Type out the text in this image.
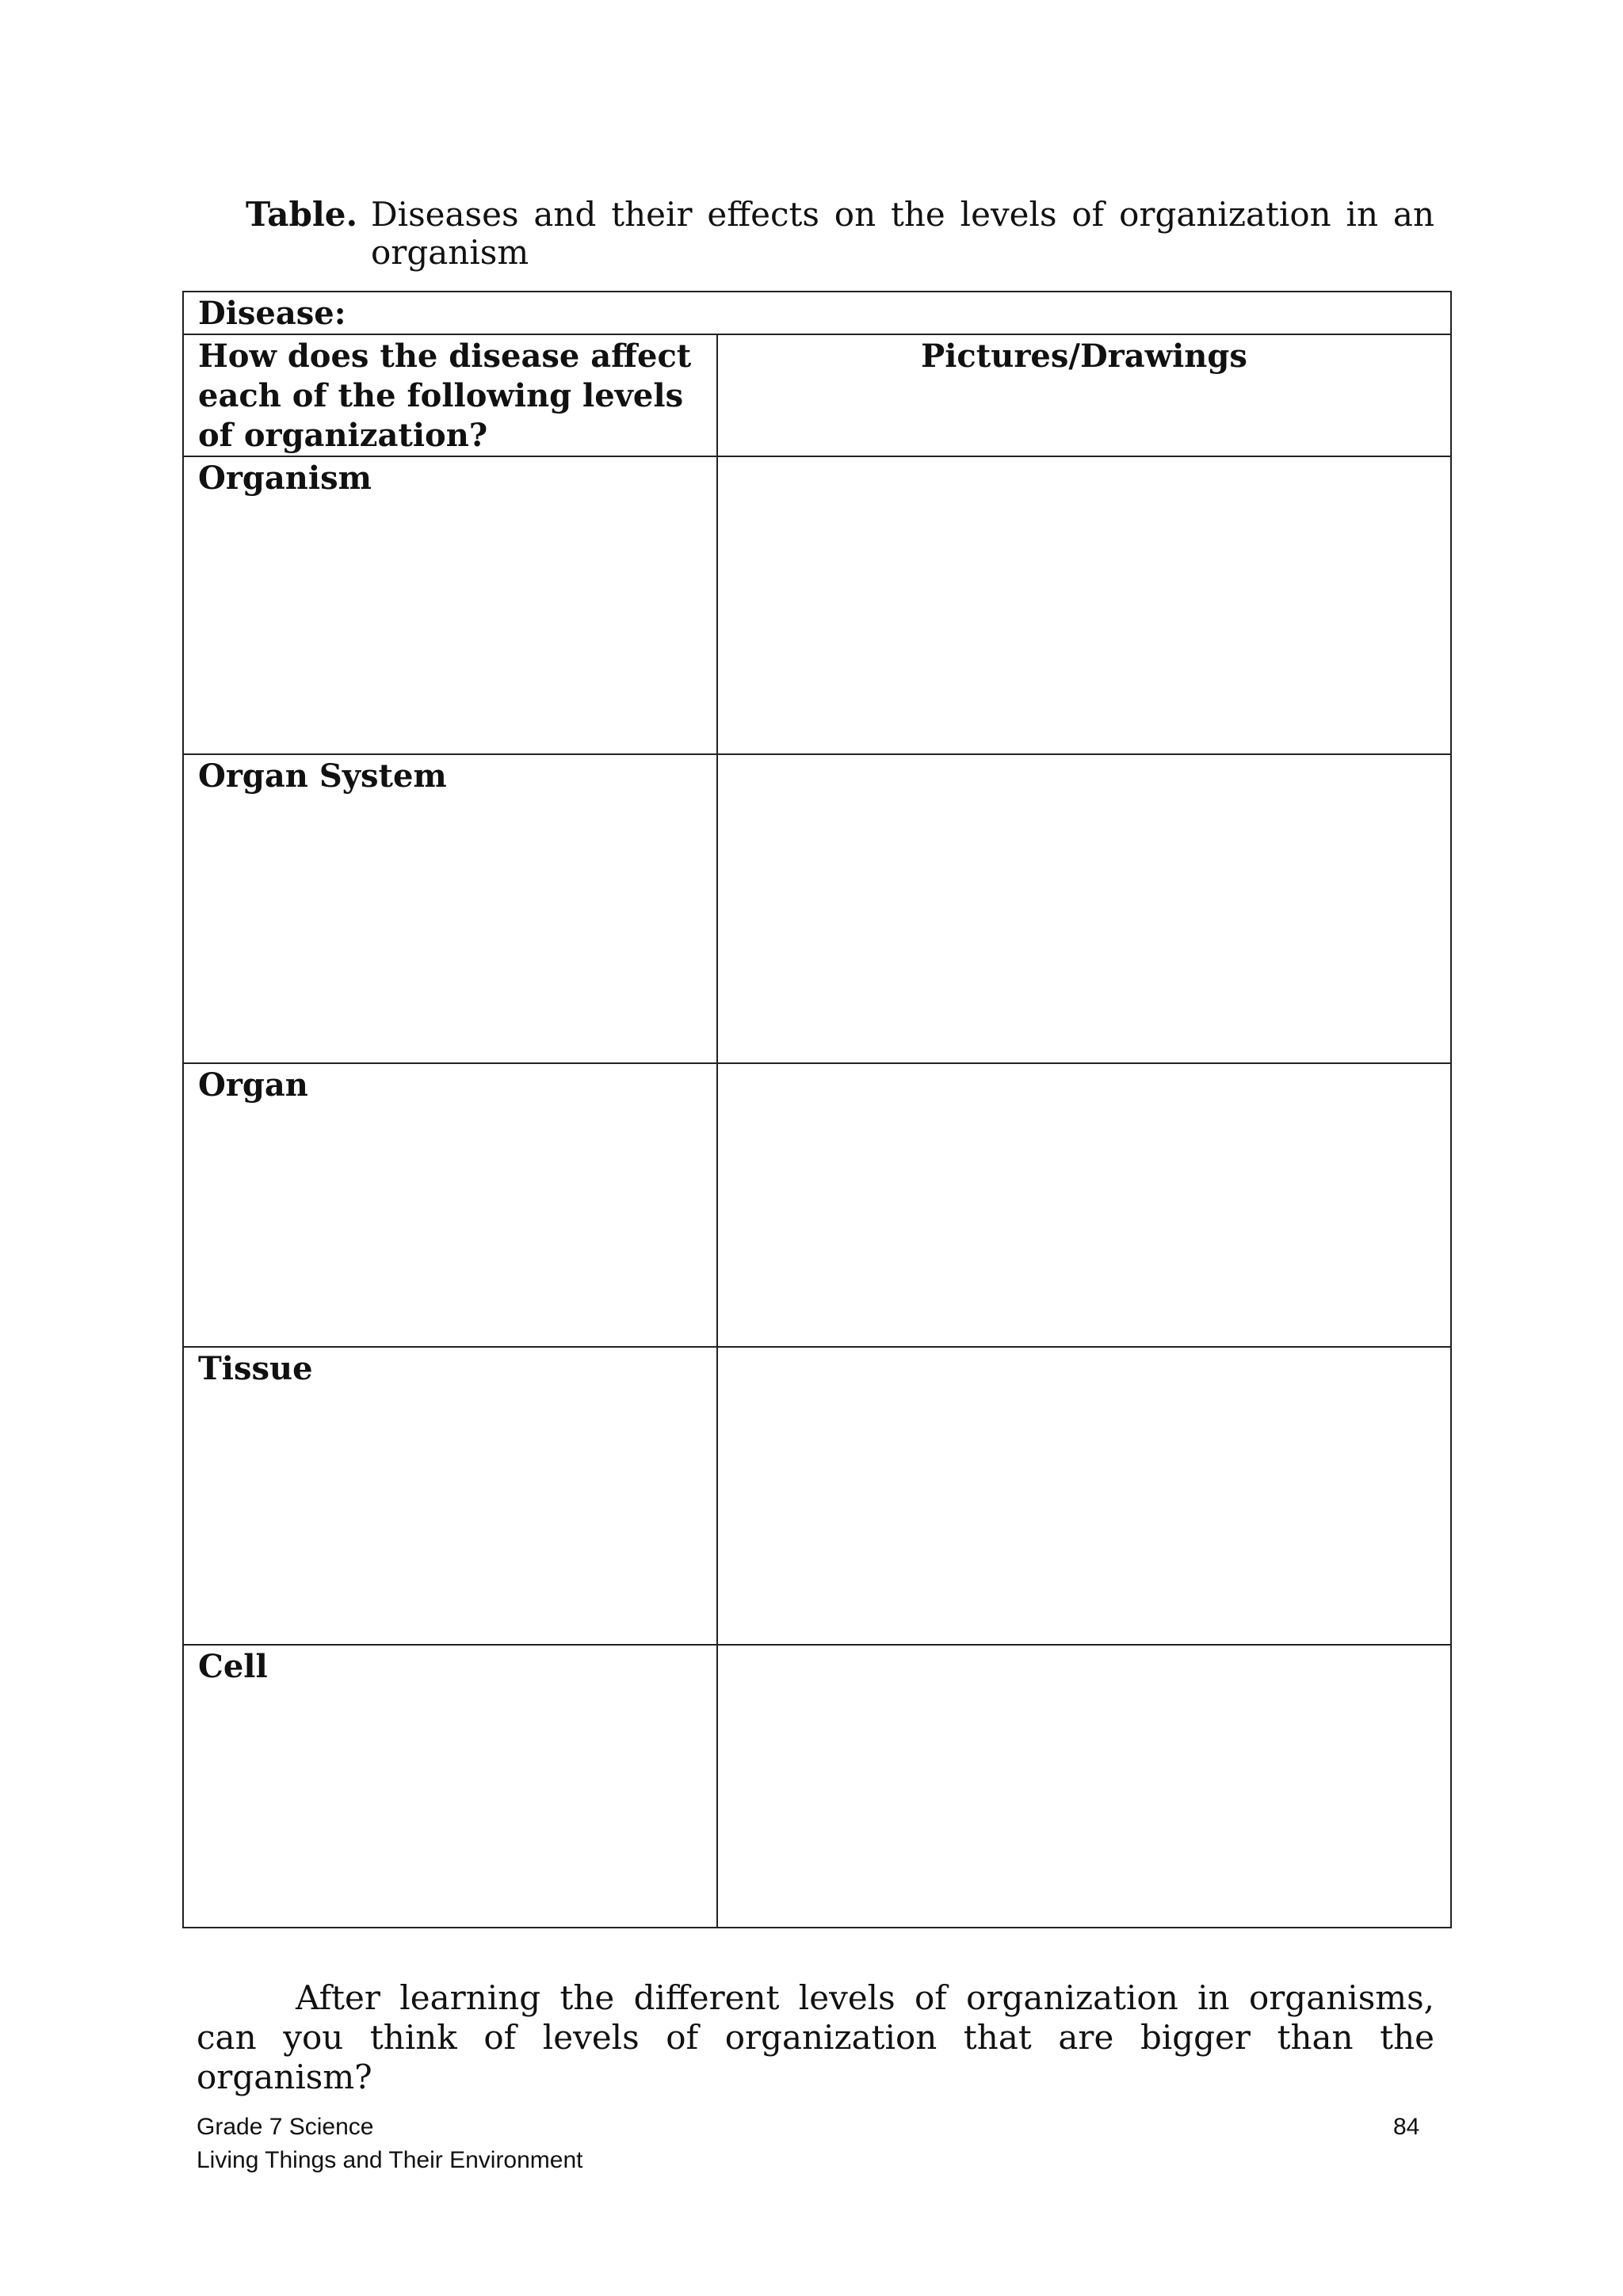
Table. Diseases and their effects on the levels of organization in an organism
Disease:	
How does the disease affect each of the following levels of organization?	Pictures/Drawings
Organism	
Organ System	
Organ	
Tissue	
Cell	

After learning the different levels of organization in organisms, can you think of levels of organization that are bigger than the organism?

Grade 7 Science
Living Things and Their Environment
84
